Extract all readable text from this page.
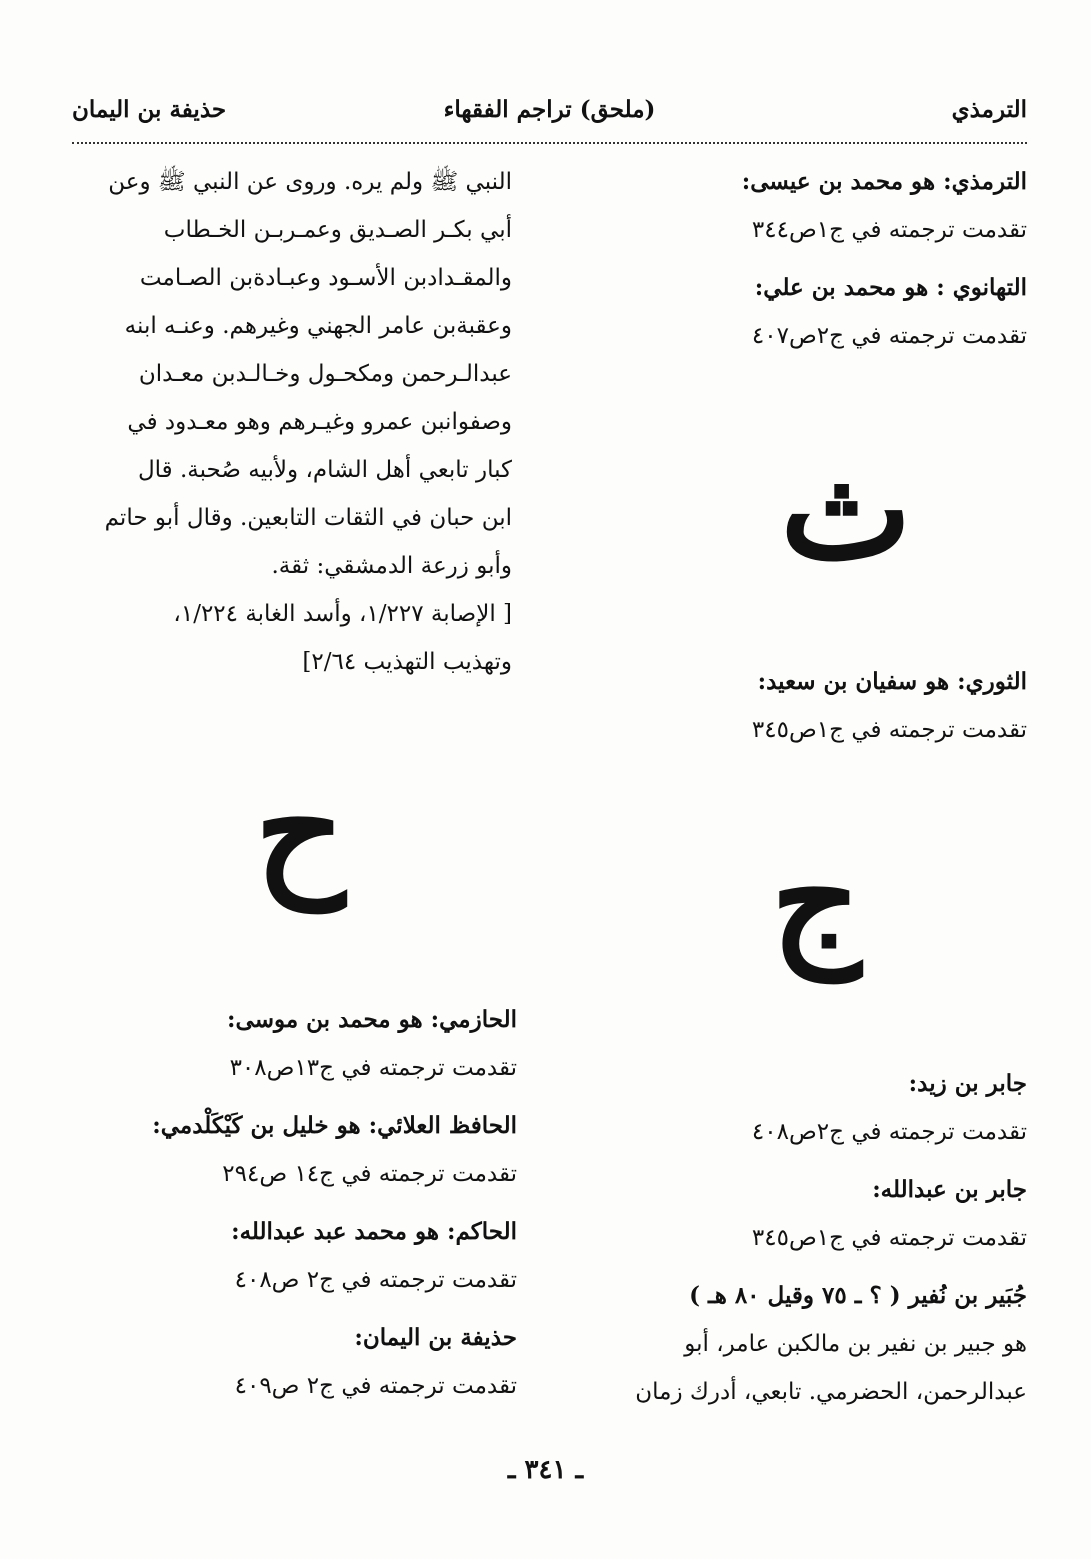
الترمذي
(ملحق) تراجم الفقهاء
حذيفة بن اليمان
الترمذي: هو محمد بن عيسى:
تقدمت ترجمته في ج١ص٣٤٤
التهانوي : هو محمد بن علي:
تقدمت ترجمته في ج٢ص٤٠٧
الثوري: هو سفيان بن سعيد:
تقدمت ترجمته في ج١ص٣٤٥
جابر بن زيد:
تقدمت ترجمته في ج٢ص٤٠٨
جابر بن عبدالله:
تقدمت ترجمته في ج١ص٣٤٥
جُبَير بن نُفير ( ؟ ـ ٧٥ وقيل ٨٠ هـ )
هو جبير بن نفير بن مالكبن عامر، أبو
عبدالرحمن، الحضرمي. تابعي، أدرك زمان
ث
ج
ح
النبي ﷺ ولم يره. وروى عن النبي ﷺ وعن
أبي بكـر الصـديق وعمـربـن الخـطاب
والمقـدادبن الأسـود وعبـادةبن الصـامت
وعقبةبن عامر الجهني وغيرهم. وعنـه ابنه
عبدالـرحمن ومكحـول وخـالـدبن معـدان
وصفوانبن عمرو وغيـرهم وهو معـدود في
كبار تابعي أهل الشام، ولأبيه صُحبة. قال
ابن حبان في الثقات التابعين. وقال أبو حاتم
وأبو زرعة الدمشقي: ثقة.
[ الإصابة ١/٢٢٧، وأسد الغابة ١/٢٢٤،
وتهذيب التهذيب ٢/٦٤]
الحازمي: هو محمد بن موسى:
تقدمت ترجمته في ج١٣ص٣٠٨
الحافظ العلائي: هو خليل بن كَيْكَلْدمي:
تقدمت ترجمته في ج١٤ ص٢٩٤
الحاكم: هو محمد عبد عبدالله:
تقدمت ترجمته في ج٢ ص٤٠٨
حذيفة بن اليمان:
تقدمت ترجمته في ج٢ ص٤٠٩
ـ ٣٤١ ـ
